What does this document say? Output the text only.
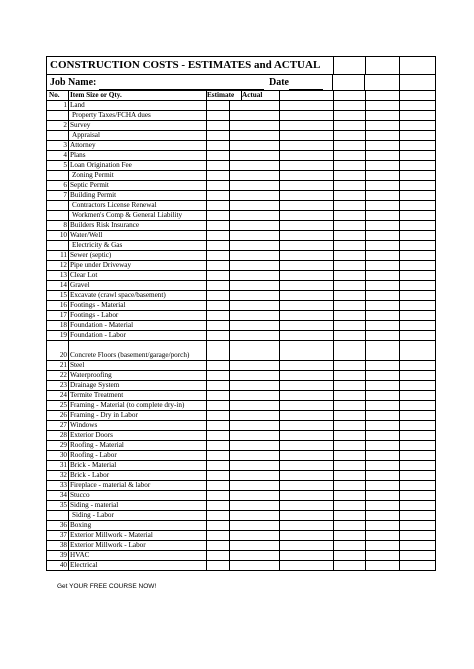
CONSTRUCTION COSTS - ESTIMATES and ACTUAL
Job Name:	Date
No.	Item Size or Qty.	Estimate	Actual
1 Land
Property Taxes/FCHA dues
2 Survey
Appraisal
3 Attorney
4 Plans
5 Loan Origination Fee
Zoning Permit
6 Septic Permit
7 Building Permit
Contractors License Renewal
Workmen's Comp & General Liability
8 Builders Risk Insurance
10 Water/Well
Electricity & Gas
11 Sewer (septic)
12 Pipe under Driveway
13 Clear Lot
14 Gravel
15 Excavate (crawl space/basement)
16 Footings - Material
17 Footings - Labor
18 Foundation - Material
19 Foundation - Labor
20 Concrete Floors (basement/garage/porch)
21 Steel
22 Waterproofing
23 Drainage System
24 Termite Treatment
25 Framing - Material (to complete dry-in)
26 Framing - Dry in Labor
27 Windows
28 Exterior Doors
29 Roofing - Material
30 Roofing - Labor
31 Brick - Material
32 Brick - Labor
33 Fireplace - material & labor
34 Stucco
35 Siding - material
Siding - Labor
36 Boxing
37 Exterior Millwork - Material
38 Exterior Millwork - Labor
39 HVAC
40 Electrical
Get YOUR FREE COURSE NOW!
